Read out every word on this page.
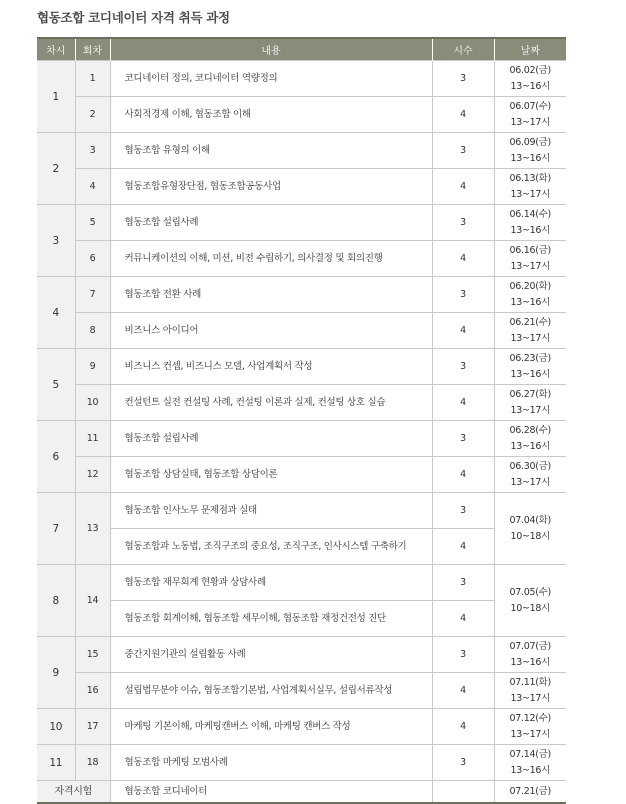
협동조합 코디네이터 자격 취득 과정
차시	회차	내용	시수	날짜
1	1	코디네이터 정의, 코디네이터 역량정의	3	06.02(금)
13~16시

	2	사회적경제 이해, 협동조합 이해	4	06.07(수)
13~17시

2	3	협동조합 유형의 이해	3	06.09(금)
13~16시

	4	협동조합유형장단점, 협동조합공동사업	4	06.13(화)
13~17시

3	5	협동조합 설립사례	3	06.14(수)
13~16시

	6	커뮤니케이션의 이해, 미션, 비전 수립하기, 의사결정 및 회의진행	4	06.16(금)
13~17시

4	7	협동조합 전환 사례	3	06.20(화)
13~16시

	8	비즈니스 아이디어	4	06.21(수)
13~17시

5	9	비즈니스 컨셉, 비즈니스 모델, 사업계획서 작성	3	06.23(금)
13~16시

	10	컨설턴트 실전 컨설팅 사례, 컨설팅 이론과 실제, 컨설팅 상호 실습	4	06.27(화)
13~17시

6	11	협동조합 설립사례	3	06.28(수)
13~16시

	12	협동조합 상담실태, 협동조합 상담이론	4	06.30(금)
13~17시

7	13	협동조합 인사노무 문제점과 실태	3	07.04(화)
10~18시

		협동조합과 노동법, 조직구조의 중요성, 조직구조, 인사시스템 구축하기	4	
8	14	협동조합 재무회계 현황과 상담사례	3	07.05(수)
10~18시

		협동조합 회계이해, 협동조합 세무이해, 협동조합 재정건전성 진단	4	
9	15	중간지원기관의 설립활동 사례	3	07.07(금)
13~16시

	16	설립법무분야 이슈, 협동조합기본법, 사업계획서실무, 설립서류작성	4	07.11(화)
13~17시

10	17	마케팅 기본이해, 마케팅캔버스 이해, 마케팅 캔버스 작성	4	07.12(수)
13~17시

11	18	협동조합 마케팅 모범사례	3	07.14(금)
13~16시

자격시험		협동조합 코디네이터		07.21(금)
